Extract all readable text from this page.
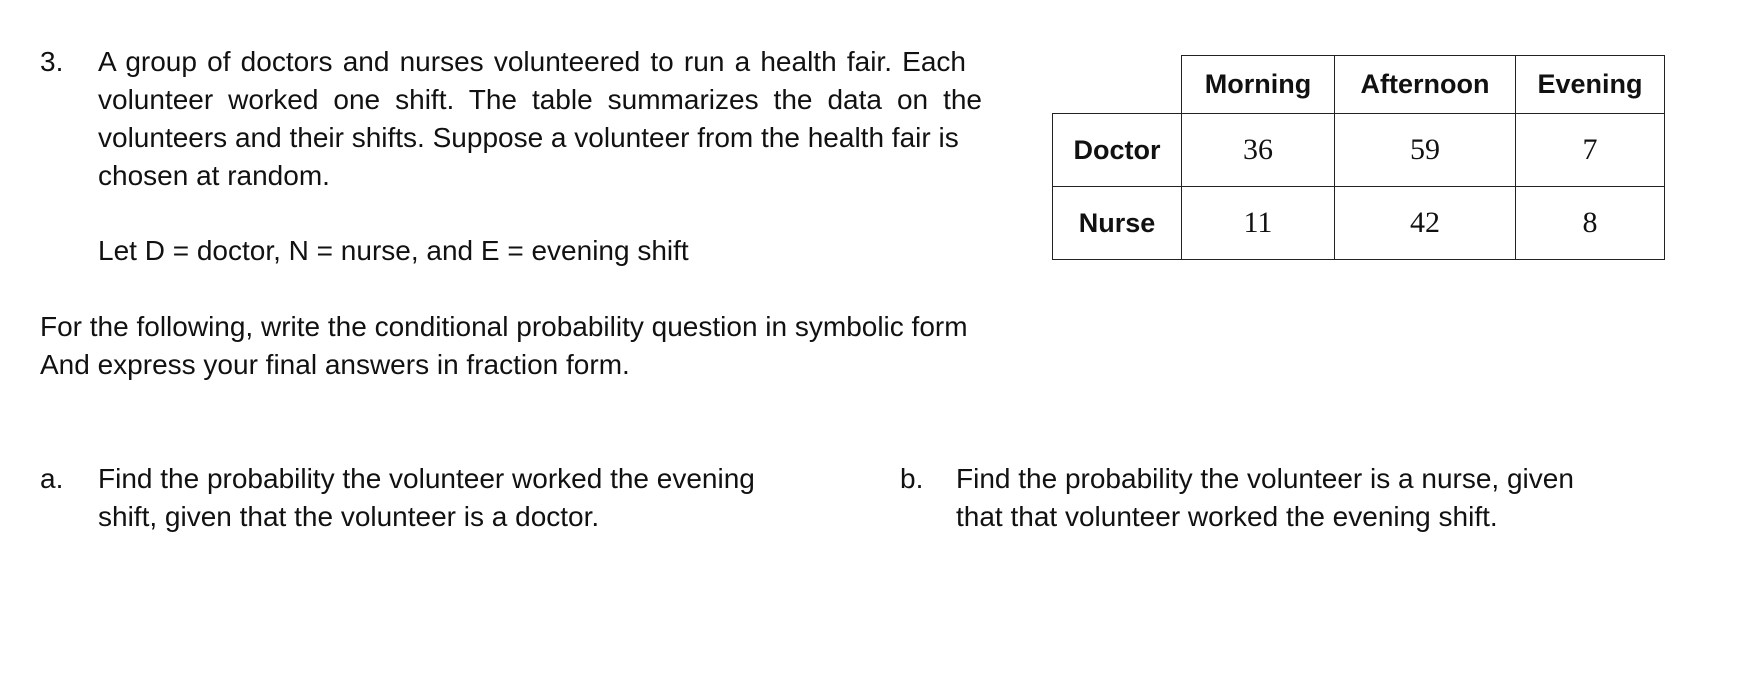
3. A group of doctors and nurses volunteered to run a health fair. Each
volunteer worked one shift. The table summarizes the data on the
volunteers and their shifts. Suppose a volunteer from the health fair is
chosen at random.
Let D = doctor, N = nurse, and E = evening shift
For the following, write the conditional probability question in symbolic form
And express your final answers in fraction form.
	Morning	Afternoon	Evening
Doctor	36	59	7
Nurse	11	42	8
a. Find the probability the volunteer worked the evening
shift, given that the volunteer is a doctor.
b. Find the probability the volunteer is a nurse, given
that that volunteer worked the evening shift.
